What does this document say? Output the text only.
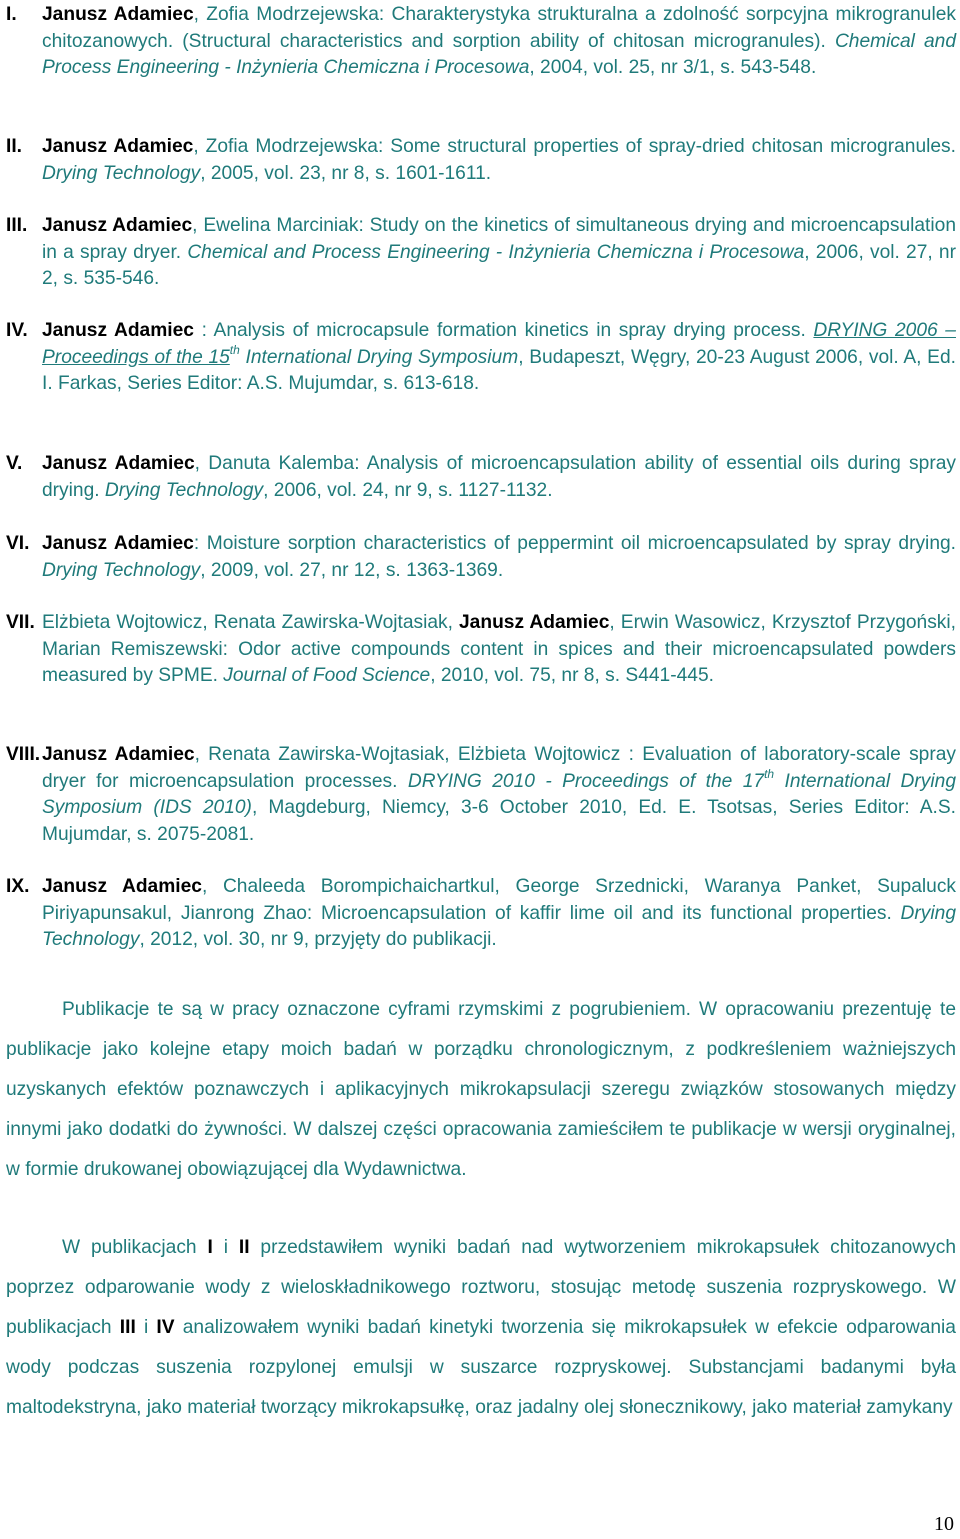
I.	Janusz Adamiec, Zofia Modrzejewska: Charakterystyka strukturalna a zdolność sorpcyjna mikrogranulek chitozanowych. (Structural characteristics and sorption ability of chitosan microgranules). Chemical and Process Engineering - Inżynieria Chemiczna i Procesowa, 2004, vol. 25, nr 3/1, s. 543-548.
II.	Janusz Adamiec, Zofia Modrzejewska: Some structural properties of spray-dried chitosan microgranules. Drying Technology, 2005, vol. 23, nr 8, s. 1601-1611.
III. Janusz Adamiec, Ewelina Marciniak: Study on the kinetics of simultaneous drying and microencapsulation in a spray dryer. Chemical and Process Engineering - Inżynieria Chemiczna i Procesowa, 2006, vol. 27, nr 2, s. 535-546.
IV. Janusz Adamiec : Analysis of microcapsule formation kinetics in spray drying process. DRYING 2006 – Proceedings of the 15th International Drying Symposium, Budapeszt, Węgry, 20-23 August 2006, vol. A, Ed. I. Farkas, Series Editor: A.S. Mujumdar, s. 613-618.
V.	Janusz Adamiec, Danuta Kalemba: Analysis of microencapsulation ability of essential oils during spray drying. Drying Technology, 2006, vol. 24, nr 9, s. 1127-1132.
VI. Janusz Adamiec: Moisture sorption characteristics of peppermint oil microencapsulated by spray drying. Drying Technology, 2009, vol. 27, nr 12, s. 1363-1369.
VII. Elżbieta Wojtowicz, Renata Zawirska-Wojtasiak, Janusz Adamiec, Erwin Wasowicz, Krzysztof Przygoński, Marian Remiszewski: Odor active compounds content in spices and their microencapsulated powders measured by SPME. Journal of Food Science, 2010, vol. 75, nr 8, s. S441-445.
VIII. Janusz Adamiec, Renata Zawirska-Wojtasiak, Elżbieta Wojtowicz : Evaluation of laboratory-scale spray dryer for microencapsulation processes. DRYING 2010 - Proceedings of the 17th International Drying Symposium (IDS 2010), Magdeburg, Niemcy, 3-6 October 2010, Ed. E. Tsotsas, Series Editor: A.S. Mujumdar, s. 2075-2081.
IX. Janusz Adamiec, Chaleeda Borompichaichartkul, George Srzednicki, Waranya Panket, Supaluck Piriyapunsakul, Jianrong Zhao: Microencapsulation of kaffir lime oil and its functional properties. Drying Technology, 2012, vol. 30, nr 9, przyjęty do publikacji.
Publikacje te są w pracy oznaczone cyframi rzymskimi z pogrubieniem. W opracowaniu prezentuję te publikacje jako kolejne etapy moich badań w porządku chronologicznym, z podkreśleniem ważniejszych uzyskanych efektów poznawczych i aplikacyjnych mikrokapsulacji szeregu związków stosowanych między innymi jako dodatki do żywności. W dalszej części opracowania zamieściłem te publikacje w wersji oryginalnej, w formie drukowanej obowiązującej dla Wydawnictwa.
W publikacjach I i II przedstawiłem wyniki badań nad wytworzeniem mikrokapsułek chitozanowych poprzez odparowanie wody z wieloskładnikowego roztworu, stosując metodę suszenia rozpryskowego. W publikacjach III i IV analizowałem wyniki badań kinetyki tworzenia się mikrokapsułek w efekcie odparowania wody podczas suszenia rozpylonej emulsji w suszarce rozpryskowej. Substancjami badanymi była maltodekstryna, jako materiał tworzący mikrokapsułkę, oraz jadalny olej słonecznikowy, jako materiał zamykany
10
